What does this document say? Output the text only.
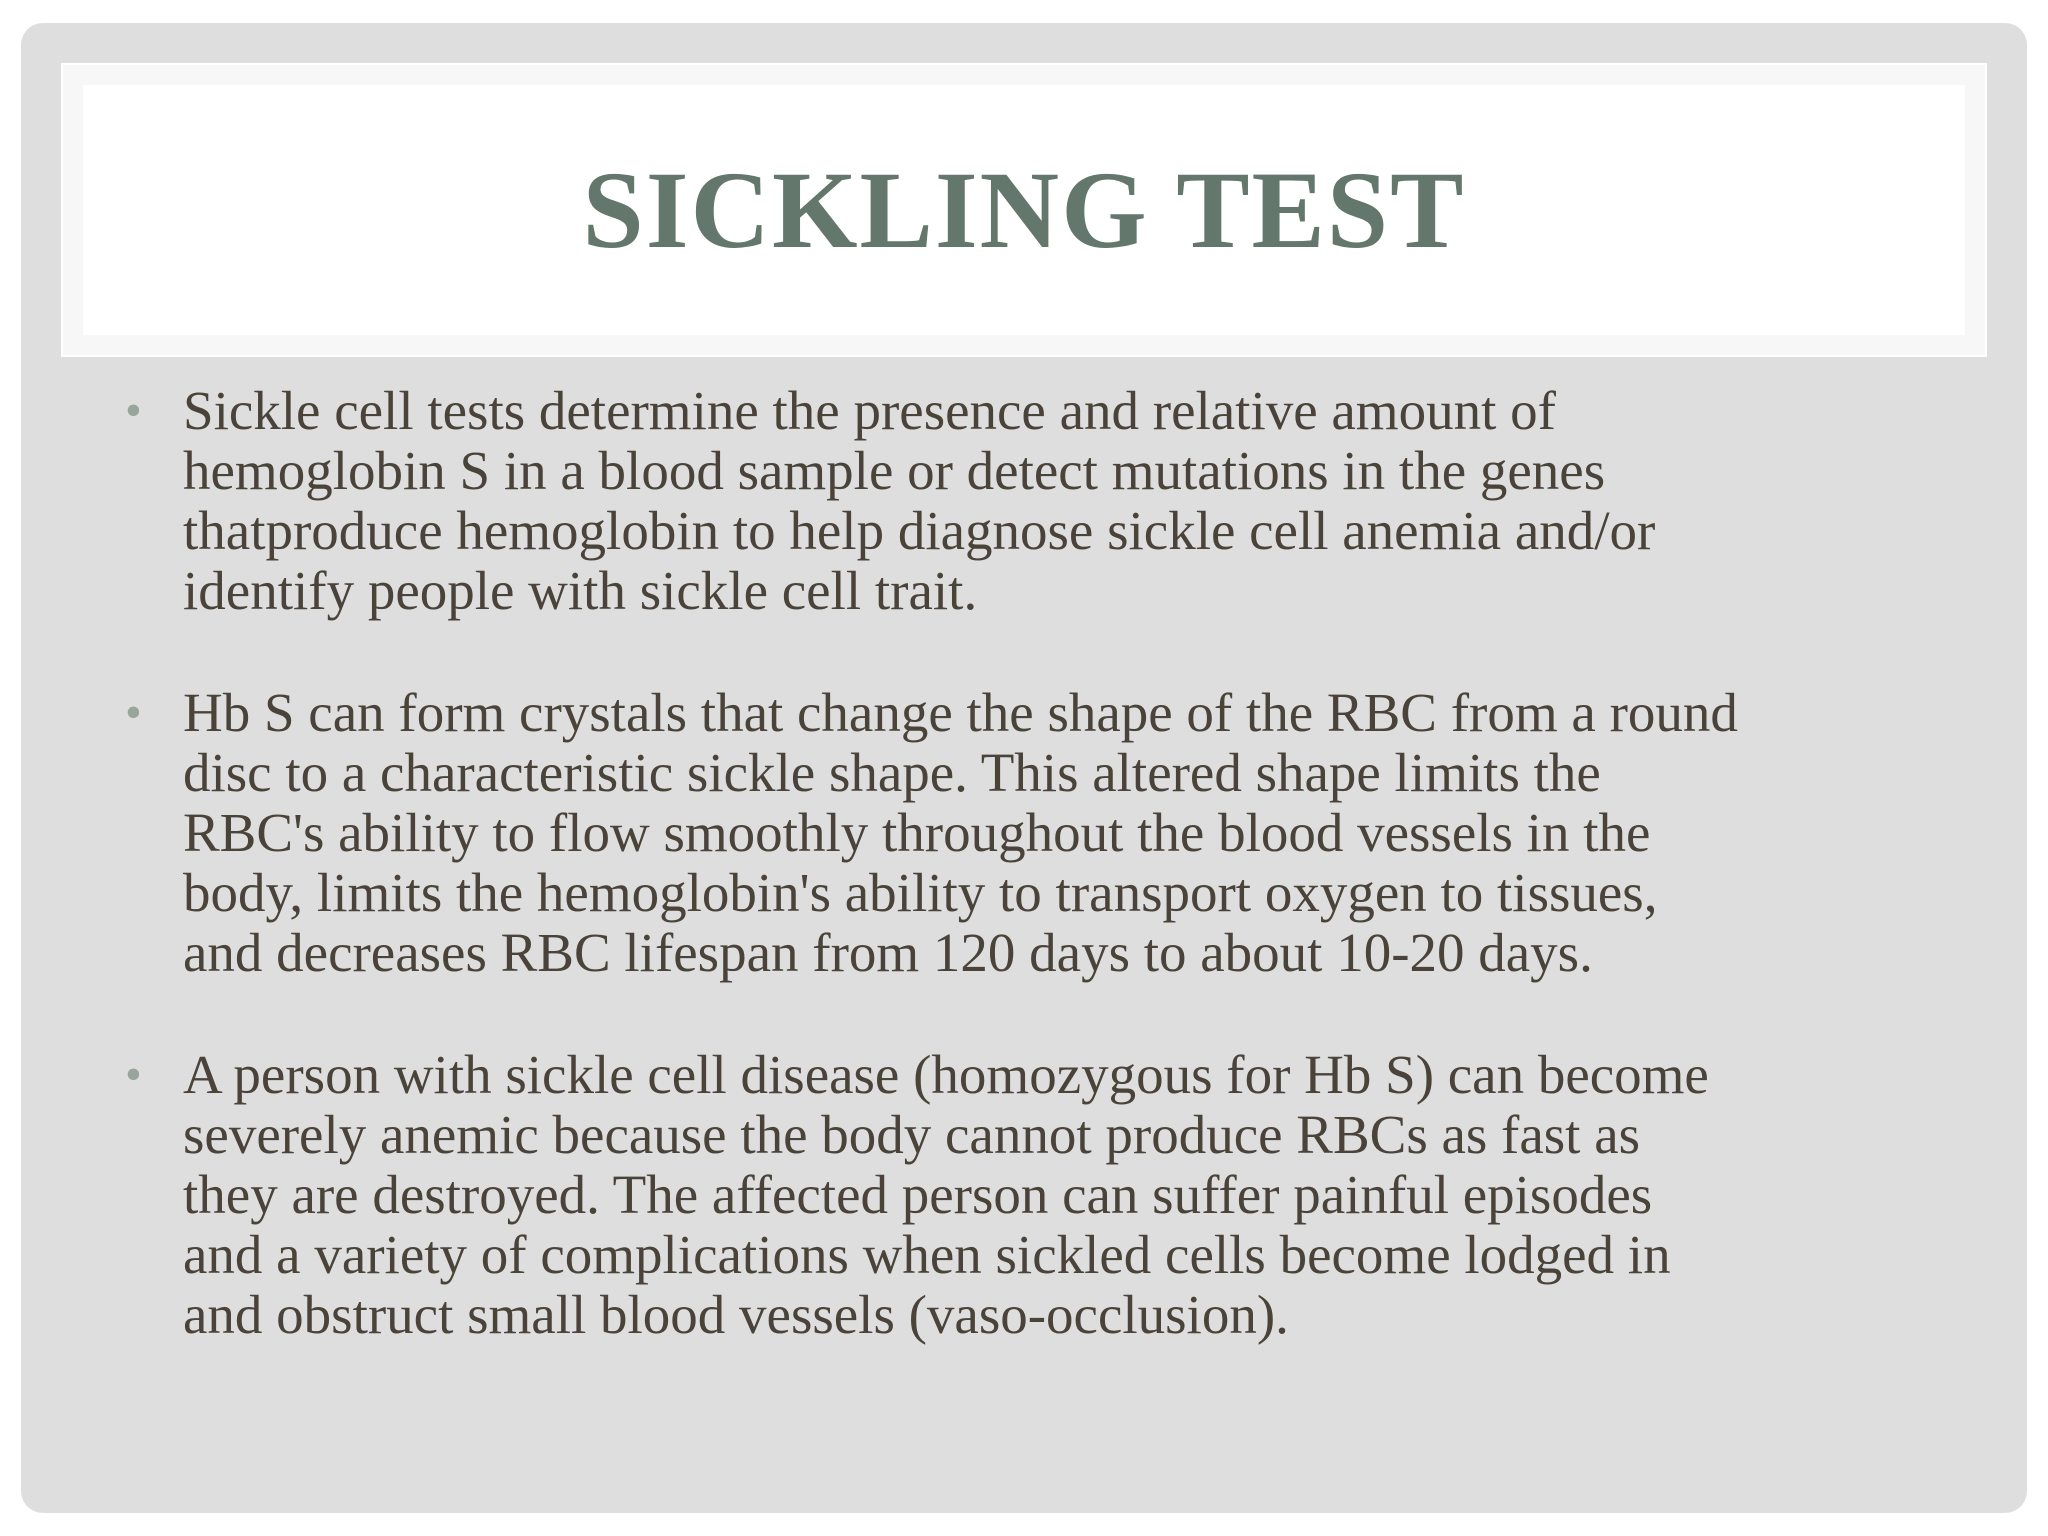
SICKLING TEST
• Sickle cell tests determine the presence and relative amount of
hemoglobin S in a blood sample or detect mutations in the genes
thatproduce hemoglobin to help diagnose sickle cell anemia and/or
identify people with sickle cell trait.

• Hb S can form crystals that change the shape of the RBC from a round
disc to a characteristic sickle shape. This altered shape limits the
RBC's ability to flow smoothly throughout the blood vessels in the
body, limits the hemoglobin's ability to transport oxygen to tissues,
and decreases RBC lifespan from 120 days to about 10-20 days.

• A person with sickle cell disease (homozygous for Hb S) can become
severely anemic because the body cannot produce RBCs as fast as
they are destroyed. The affected person can suffer painful episodes
and a variety of complications when sickled cells become lodged in
and obstruct small blood vessels (vaso-occlusion).
